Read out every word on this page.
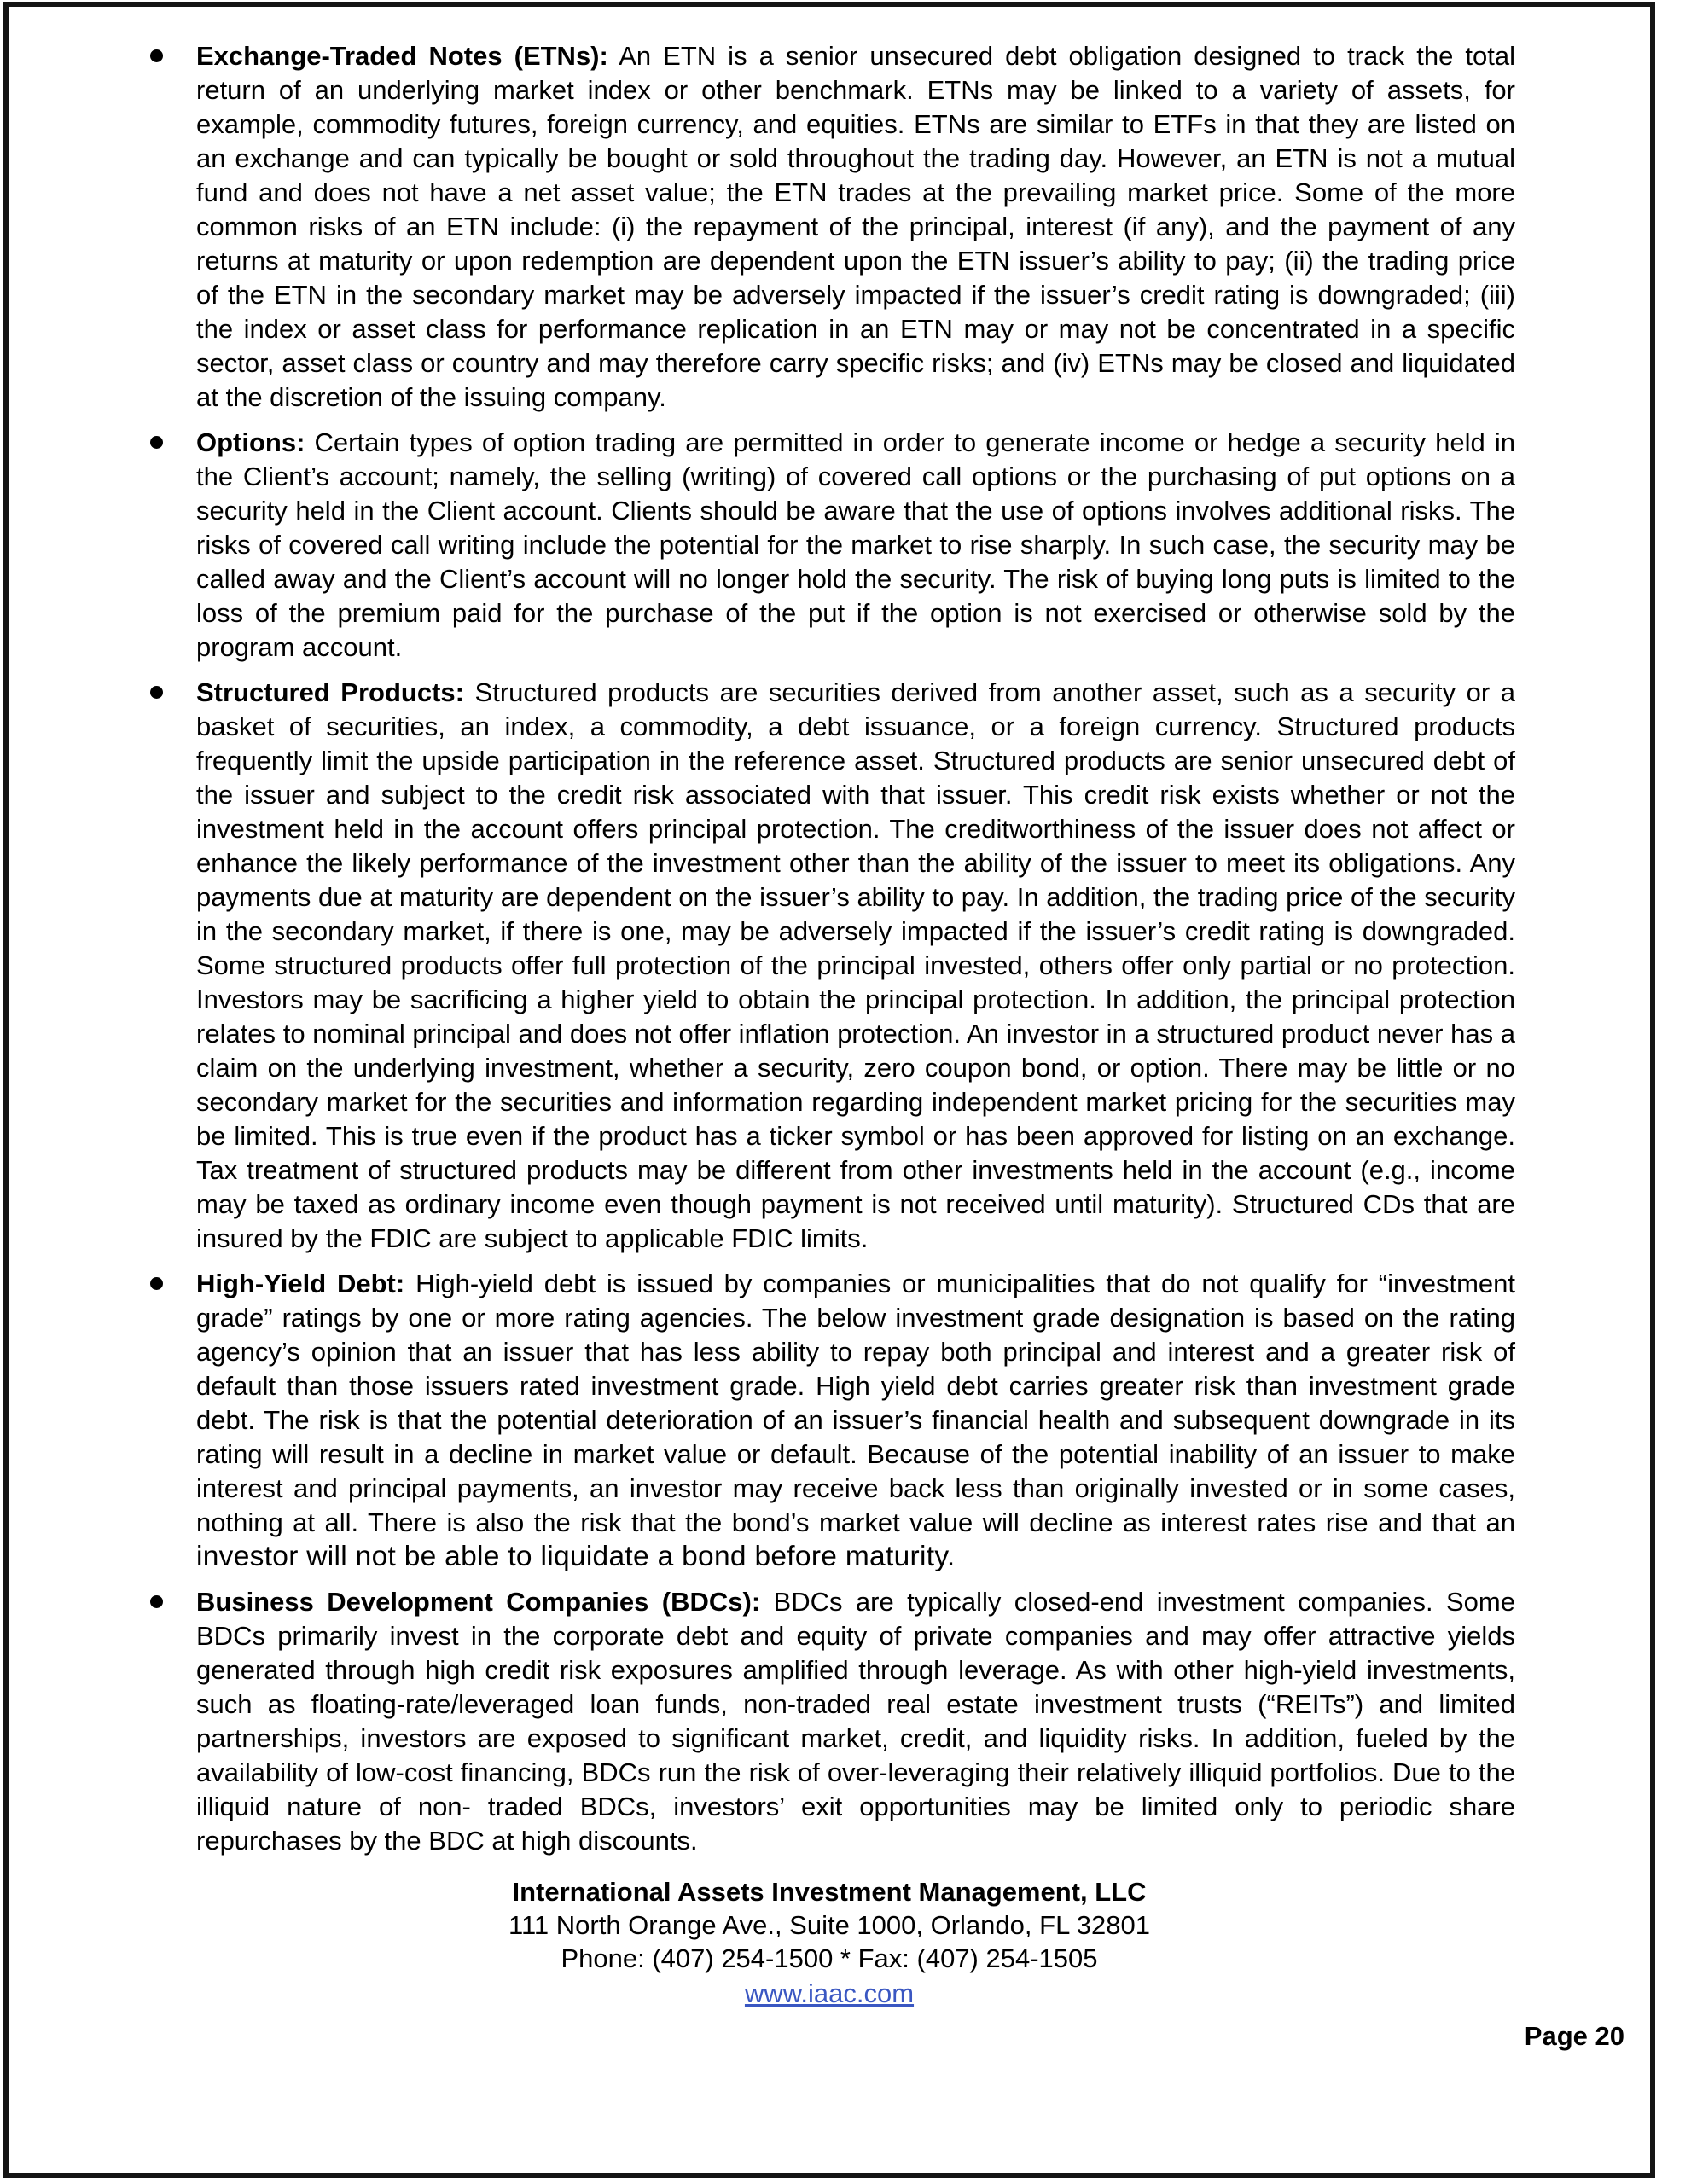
Exchange-Traded Notes (ETNs): An ETN is a senior unsecured debt obligation designed to track the total return of an underlying market index or other benchmark. ETNs may be linked to a variety of assets, for example, commodity futures, foreign currency, and equities. ETNs are similar to ETFs in that they are listed on an exchange and can typically be bought or sold throughout the trading day. However, an ETN is not a mutual fund and does not have a net asset value; the ETN trades at the prevailing market price. Some of the more common risks of an ETN include: (i) the repayment of the principal, interest (if any), and the payment of any returns at maturity or upon redemption are dependent upon the ETN issuer’s ability to pay; (ii) the trading price of the ETN in the secondary market may be adversely impacted if the issuer’s credit rating is downgraded; (iii) the index or asset class for performance replication in an ETN may or may not be concentrated in a specific sector, asset class or country and may therefore carry specific risks; and (iv) ETNs may be closed and liquidated at the discretion of the issuing company.
Options: Certain types of option trading are permitted in order to generate income or hedge a security held in the Client’s account; namely, the selling (writing) of covered call options or the purchasing of put options on a security held in the Client account. Clients should be aware that the use of options involves additional risks. The risks of covered call writing include the potential for the market to rise sharply. In such case, the security may be called away and the Client’s account will no longer hold the security. The risk of buying long puts is limited to the loss of the premium paid for the purchase of the put if the option is not exercised or otherwise sold by the program account.
Structured Products: Structured products are securities derived from another asset, such as a security or a basket of securities, an index, a commodity, a debt issuance, or a foreign currency. Structured products frequently limit the upside participation in the reference asset. Structured products are senior unsecured debt of the issuer and subject to the credit risk associated with that issuer. This credit risk exists whether or not the investment held in the account offers principal protection. The creditworthiness of the issuer does not affect or enhance the likely performance of the investment other than the ability of the issuer to meet its obligations. Any payments due at maturity are dependent on the issuer’s ability to pay. In addition, the trading price of the security in the secondary market, if there is one, may be adversely impacted if the issuer’s credit rating is downgraded. Some structured products offer full protection of the principal invested, others offer only partial or no protection. Investors may be sacrificing a higher yield to obtain the principal protection. In addition, the principal protection relates to nominal principal and does not offer inflation protection. An investor in a structured product never has a claim on the underlying investment, whether a security, zero coupon bond, or option. There may be little or no secondary market for the securities and information regarding independent market pricing for the securities may be limited. This is true even if the product has a ticker symbol or has been approved for listing on an exchange. Tax treatment of structured products may be different from other investments held in the account (e.g., income may be taxed as ordinary income even though payment is not received until maturity). Structured CDs that are insured by the FDIC are subject to applicable FDIC limits.
High-Yield Debt: High-yield debt is issued by companies or municipalities that do not qualify for “investment grade” ratings by one or more rating agencies. The below investment grade designation is based on the rating agency’s opinion that an issuer that has less ability to repay both principal and interest and a greater risk of default than those issuers rated investment grade. High yield debt carries greater risk than investment grade debt. The risk is that the potential deterioration of an issuer’s financial health and subsequent downgrade in its rating will result in a decline in market value or default. Because of the potential inability of an issuer to make interest and principal payments, an investor may receive back less than originally invested or in some cases, nothing at all. There is also the risk that the bond’s market value will decline as interest rates rise and that an investor will not be able to liquidate a bond before maturity.
Business Development Companies (BDCs): BDCs are typically closed-end investment companies. Some BDCs primarily invest in the corporate debt and equity of private companies and may offer attractive yields generated through high credit risk exposures amplified through leverage. As with other high-yield investments, such as floating-rate/leveraged loan funds, non-traded real estate investment trusts (“REITs”) and limited partnerships, investors are exposed to significant market, credit, and liquidity risks. In addition, fueled by the availability of low-cost financing, BDCs run the risk of over-leveraging their relatively illiquid portfolios. Due to the illiquid nature of non- traded BDCs, investors’ exit opportunities may be limited only to periodic share repurchases by the BDC at high discounts.
International Assets Investment Management, LLC
111 North Orange Ave., Suite 1000, Orlando, FL 32801
Phone: (407) 254-1500 * Fax: (407) 254-1505
www.iaac.com
Page 20
